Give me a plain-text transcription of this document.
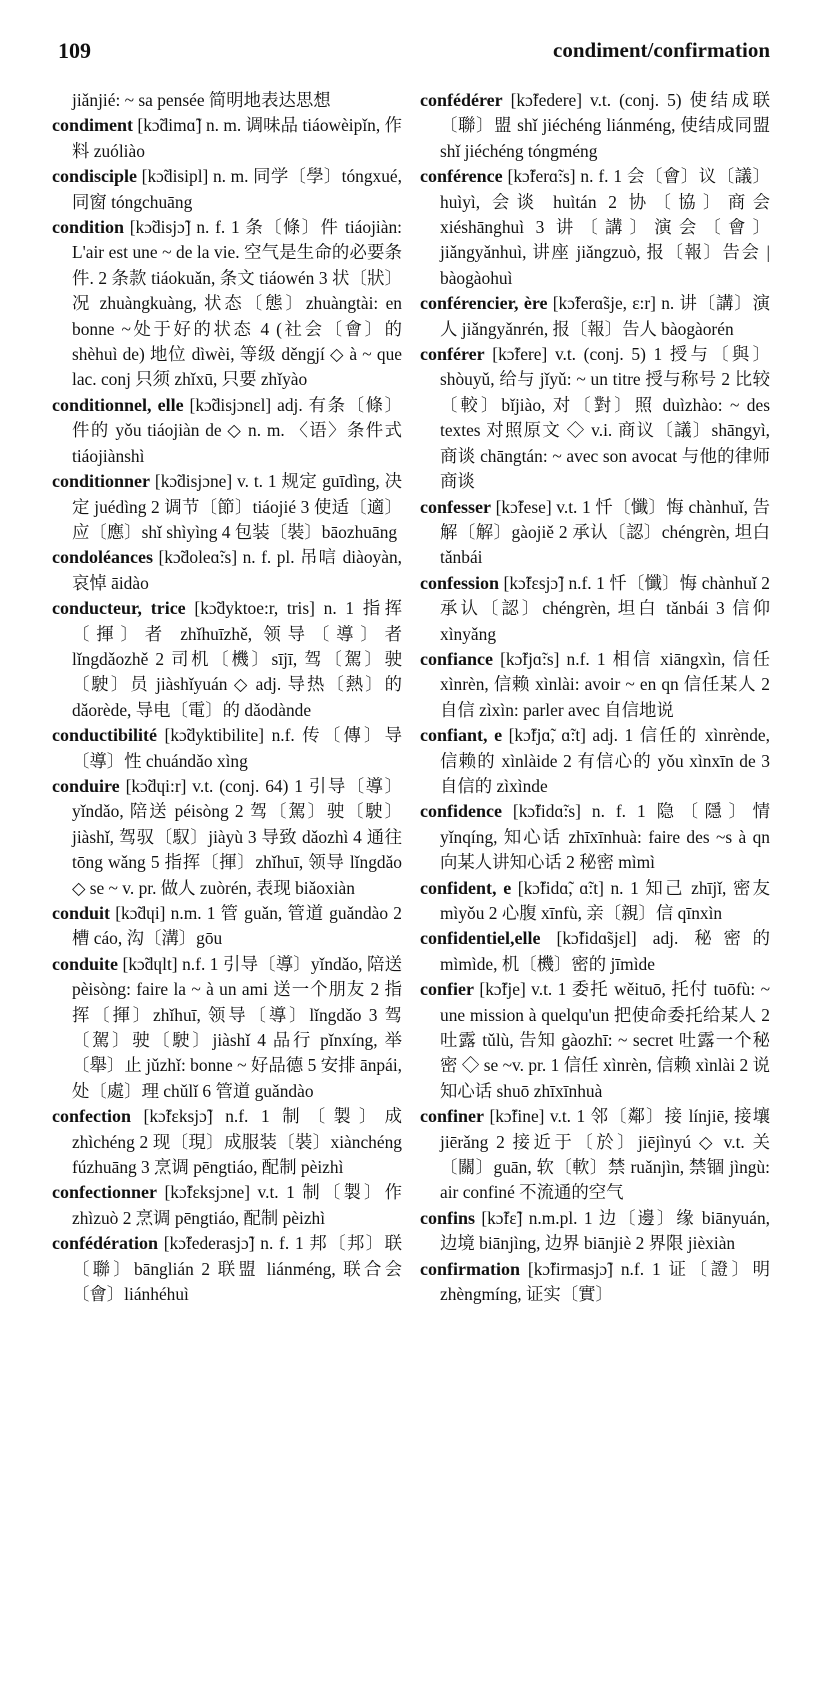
109	condiment/confirmation

jiǎnjié: ~ sa pensée 简明地表达思想

condiment [kɔ̃dimɑ̃] n. m. 调味品 tiáowèipǐn, 作料 zuóliào

condisciple [kɔ̃disipl] n. m. 同学〔學〕tóngxué, 同窗 tóngchuāng

condition [kɔ̃disjɔ̃] n. f. 1 条〔條〕件 tiáojiàn: L'air est une ~ de la vie. 空气是生命的必要条件. 2 条款 tiáokuǎn, 条文 tiáowén 3 状〔狀〕况 zhuàngkuàng, 状态〔態〕zhuàngtài: en bonne ~处于好的状态 4 (社会〔會〕的 shèhuì de) 地位 dìwèi, 等级 děngjí ◇ à ~ que lac. conj 只须 zhǐxū, 只要 zhǐyào

conditionnel, elle [kɔ̃disjɔnɛl] adj. 有条〔條〕件的 yǒu tiáojiàn de ◇ n. m. 〈语〉条件式 tiáojiànshì

conditionner [kɔ̃disjɔne] v. t. 1 规定 guīdìng, 决定 juédìng 2 调节〔節〕tiáojié 3 使适〔適〕应〔應〕shǐ shìyìng 4 包装〔裝〕bāozhuāng

condoléances [kɔ̃doleɑ̃:s] n. f. pl. 吊唁 diàoyàn, 哀悼 āidào

conducteur, trice [kɔ̃dyktoe:r, tris] n. 1 指挥〔揮〕者 zhǐhuīzhě, 领导〔導〕者 lǐngdǎozhě 2 司机〔機〕sījī, 驾〔駕〕驶〔駛〕员 jiàshǐyuán ◇ adj. 导热〔熱〕的 dǎorède, 导电〔電〕的 dǎodànde

conductibilité [kɔ̃dyktibilite] n.f. 传〔傳〕导〔導〕性 chuándǎo xìng

conduire [kɔ̃dɥi:r] v.t. (conj. 64) 1 引导〔導〕yǐndǎo, 陪送 péisòng 2 驾〔駕〕驶〔駛〕jiàshǐ, 驾驭〔馭〕jiàyù 3 导致 dǎozhì 4 通往 tōng wǎng 5 指挥〔揮〕zhǐhuī, 领导 lǐngdǎo ◇ se ~ v. pr. 做人 zuòrén, 表现 biǎoxiàn

conduit [kɔ̃dɥi] n.m. 1 管 guǎn, 管道 guǎndào 2 槽 cáo, 沟〔溝〕gōu

conduite [kɔ̃dɥlt] n.f. 1 引导〔導〕yǐndǎo, 陪送 pèisòng: faire la ~ à un ami 送一个朋友 2 指挥〔揮〕zhǐhuī, 领导〔導〕lǐngdǎo 3 驾〔駕〕驶〔駛〕jiàshǐ 4 品行 pǐnxíng, 举〔舉〕止 jǔzhǐ: bonne ~ 好品德 5 安排 ānpái, 处〔處〕理 chǔlǐ 6 管道 guǎndào

confection [kɔ̃fɛksjɔ̃] n.f. 1 制〔製〕成 zhìchéng 2 现〔現〕成服装〔裝〕xiànchéng fúzhuāng 3 烹调 pēngtiáo, 配制 pèizhì

confectionner [kɔ̃fɛksjɔne] v.t. 1 制〔製〕作 zhìzuò 2 烹调 pēngtiáo, 配制 pèizhì

confédération [kɔ̃federasjɔ̃] n. f. 1 邦〔邦〕联〔聯〕bānglián 2 联盟 liánméng, 联合会〔會〕liánhéhuì

confédérer [kɔ̃federe] v.t. (conj. 5) 使结成联〔聯〕盟 shǐ jiéchéng liánméng, 使结成同盟 shǐ jiéchéng tóngméng

conférence [kɔ̃ferɑ̃:s] n. f. 1 会〔會〕议〔議〕huìyì, 会谈 huìtán 2 协〔協〕商会 xiéshānghuì 3 讲〔講〕演会〔會〕jiǎngyǎnhuì, 讲座 jiǎngzuò, 报〔報〕告会 | bàogàohuì

conférencier, ère [kɔ̃ferɑ̃sje, ɛ:r] n. 讲〔講〕演人 jiǎngyǎnrén, 报〔報〕告人 bàogàorén

conférer [kɔ̃fere] v.t. (conj. 5) 1 授与〔與〕shòuyǔ, 给与 jǐyǔ: ~ un titre 授与称号 2 比较〔較〕bǐjiào, 对〔對〕照 duìzhào: ~ des textes 对照原文 ◇ v.i. 商议〔議〕shāngyì, 商谈 chāngtán: ~ avec son avocat 与他的律师商谈

confesser [kɔ̃fese] v.t. 1 忏〔懺〕悔 chànhuǐ, 告解〔解〕gàojiě 2 承认〔認〕chéngrèn, 坦白 tǎnbái

confession [kɔ̃fɛsjɔ̃] n.f. 1 忏〔懺〕悔 chànhuǐ 2 承认〔認〕chéngrèn, 坦白 tǎnbái 3 信仰 xìnyǎng

confiance [kɔ̃fjɑ̃:s] n.f. 1 相信 xiāngxìn, 信任 xìnrèn, 信赖 xìnlài: avoir ~ en qn 信任某人 2 自信 zìxìn: parler avec 自信地说

confiant, e [kɔ̃fjɑ̃, ɑ̃:t] adj. 1 信任的 xìnrènde, 信赖的 xìnlàide 2 有信心的 yǒu xìnxīn de 3 自信的 zìxìnde

confidence [kɔ̃fidɑ̃:s] n. f. 1 隐〔隱〕情 yǐnqíng, 知心话 zhīxīnhuà: faire des ~s à qn 向某人讲知心话 2 秘密 mìmì

confident, e [kɔ̃fidɑ̃, ɑ̃:t] n. 1 知己 zhījǐ, 密友 mìyǒu 2 心腹 xīnfù, 亲〔親〕信 qīnxìn

confidentiel,elle [kɔ̃fidɑ̃sjɛl] adj. 秘密的 mìmìde, 机〔機〕密的 jīmìde

confier [kɔ̃fje] v.t. 1 委托 wěituō, 托付 tuōfù: ~ une mission à quelqu'un 把使命委托给某人 2 吐露 tǔlù, 告知 gàozhī: ~ secret 吐露一个秘密 ◇ se ~v. pr. 1 信任 xìnrèn, 信赖 xìnlài 2 说知心话 shuō zhīxīnhuà

confiner [kɔ̃fine] v.t. 1 邻〔鄰〕接 línjiē, 接壤 jiērǎng 2 接近于〔於〕jiējìnyú ◇ v.t. 关〔關〕guān, 软〔軟〕禁 ruǎnjìn, 禁锢 jìngù: air confiné 不流通的空气

confins [kɔ̃fɛ̃] n.m.pl. 1 边〔邊〕缘 biānyuán, 边境 biānjìng, 边界 biānjiè 2 界限 jièxiàn

confirmation [kɔ̃firmasjɔ̃] n.f. 1 证〔證〕明 zhèngmíng, 证实〔實〕
